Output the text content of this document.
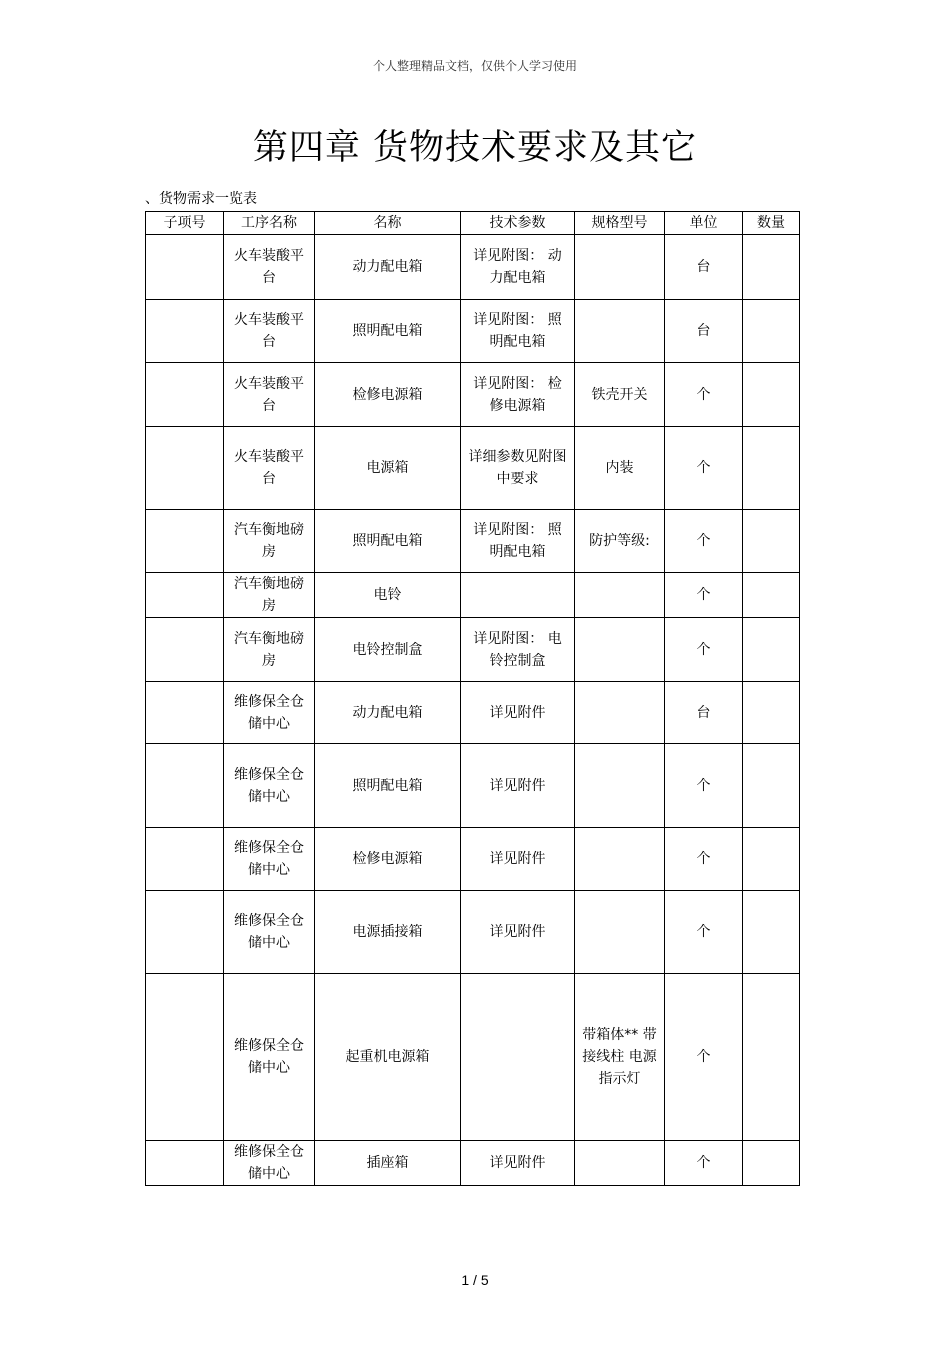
个人整理精品文档，仅供个人学习使用
第四章 货物技术要求及其它
、货物需求一览表
子项号	工序名称	名称	技术参数	规格型号	单位	数量
	火车装酸平台	动力配电箱	详见附图： 动力配电箱		台	
	火车装酸平台	照明配电箱	详见附图： 照明配电箱		台	
	火车装酸平台	检修电源箱	详见附图： 检修电源箱	铁壳开关	个	
	火车装酸平台	电源箱	详细参数见附图中要求	内装	个	
	汽车衡地磅房	照明配电箱	详见附图： 照明配电箱	防护等级:	个	
	汽车衡地磅房	电铃			个	
	汽车衡地磅房	电铃控制盒	详见附图： 电铃控制盒		个	
	维修保全仓储中心	动力配电箱	详见附件		台	
	维修保全仓储中心	照明配电箱	详见附件		个	
	维修保全仓储中心	检修电源箱	详见附件		个	
	维修保全仓储中心	电源插接箱	详见附件		个	
	维修保全仓储中心	起重机电源箱		带箱体** 带接线柱 电源指示灯	个	
	维修保全仓储中心	插座箱	详见附件		个	
1 / 5
